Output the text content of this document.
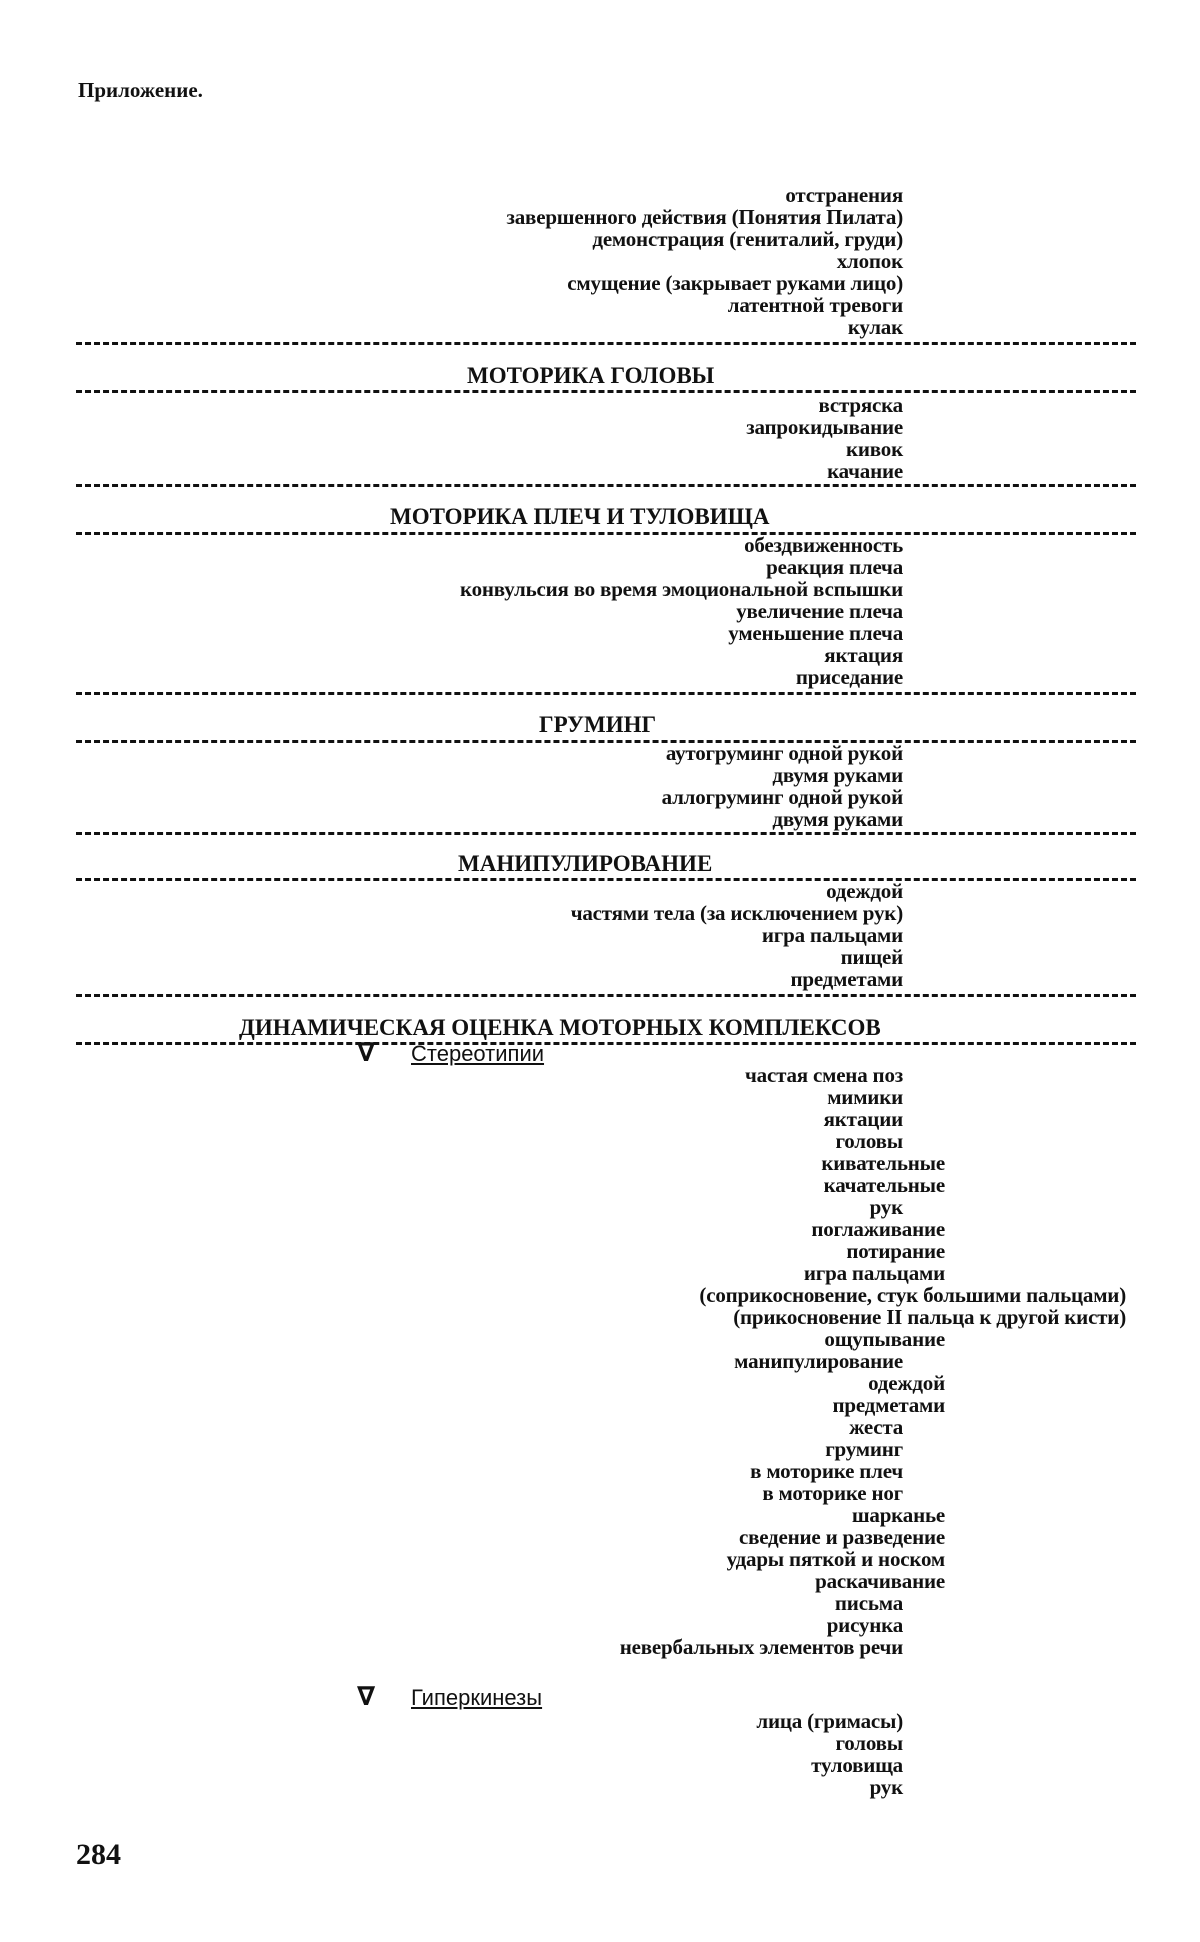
Приложение.
отстранения
завершенного действия (Понятия Пилата)
демонстрация (гениталий, груди)
хлопок
смущение (закрывает руками лицо)
латентной тревоги
кулак
МОТОРИКА ГОЛОВЫ
встряска
запрокидывание
кивок
качание
МОТОРИКА ПЛЕЧ И ТУЛОВИЩА
обездвиженность
реакция плеча
конвульсия во время эмоциональной вспышки
увеличение плеча
уменьшение плеча
яктация
приседание
ГРУМИНГ
аутогруминг одной рукой
двумя руками
аллогруминг одной рукой
двумя руками
МАНИПУЛИРОВАНИЕ
одеждой
частями тела (за исключением рук)
игра пальцами
пищей
предметами
ДИНАМИЧЕСКАЯ ОЦЕНКА МОТОРНЫХ КОМПЛЕКСОВ
∇	Стереотипии
частая смена поз
мимики
яктации
головы
кивательные
качательные
рук
поглаживание
потирание
игра пальцами
(соприкосновение, стук большими пальцами)
(прикосновение II пальца к другой кисти)
ощупывание
манипулирование
одеждой
предметами
жеста
груминг
в моторике плеч
в моторике ног
шарканье
сведение и разведение
удары пяткой и носком
раскачивание
письма
рисунка
невербальных элементов речи
∇	Гиперкинезы
лица (гримасы)
головы
туловища
рук
284
